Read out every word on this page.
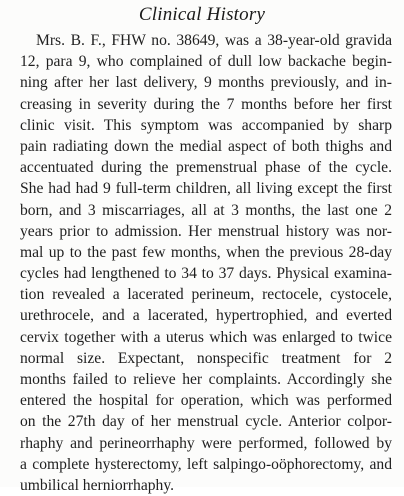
Clinical History
Mrs. B. F., FHW no. 38649, was a 38-year-old gravida
12, para 9, who complained of dull low backache begin-
ning after her last delivery, 9 months previously, and in-
creasing in severity during the 7 months before her first
clinic visit. This symptom was accompanied by sharp
pain radiating down the medial aspect of both thighs and
accentuated during the premenstrual phase of the cycle.
She had had 9 full-term children, all living except the first
born, and 3 miscarriages, all at 3 months, the last one 2
years prior to admission. Her menstrual history was nor-
mal up to the past few months, when the previous 28-day
cycles had lengthened to 34 to 37 days. Physical examina-
tion revealed a lacerated perineum, rectocele, cystocele,
urethrocele, and a lacerated, hypertrophied, and everted
cervix together with a uterus which was enlarged to twice
normal size. Expectant, nonspecific treatment for 2
months failed to relieve her complaints. Accordingly she
entered the hospital for operation, which was performed
on the 27th day of her menstrual cycle. Anterior colpor-
rhaphy and perineorrhaphy were performed, followed by
a complete hysterectomy, left salpingo-oöphorectomy, and
umbilical herniorrhaphy.
